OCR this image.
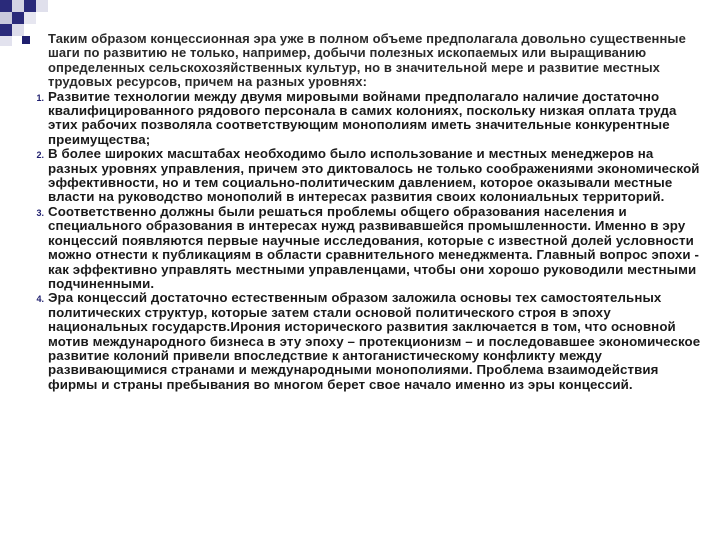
Таким образом концессионная эра уже в полном объеме предполагала довольно существенные шаги по развитию не только, например, добычи полезных ископаемых или выращиванию определенных сельскохозяйственных культур, но в значительной мере и развитие местных трудовых ресурсов, причем на разных уровнях:
1. Развитие технологии между двумя мировыми войнами предполагало наличие достаточно квалифицированного рядового персонала в самих колониях, поскольку низкая оплата труда этих рабочих позволяла соответствующим монополиям иметь значительные конкурентные преимущества;
2. В более широких масштабах необходимо было использование и местных менеджеров на разных уровнях управления, причем это диктовалось не только соображениями экономической эффективности, но и тем социально-политическим давлением, которое оказывали местные власти на руководство монополий в интересах развития своих колониальных территорий.
3. Соответственно должны были решаться проблемы общего образования населения и специального образования в интересах нужд развивавшейся промышленности. Именно в эру концессий появляются первые научные исследования, которые с известной долей условности можно отнести к публикациям в области сравнительного менеджмента. Главный вопрос эпохи - как эффективно управлять местными управленцами, чтобы они хорошо руководили местными подчиненными.
4. Эра концессий достаточно естественным образом заложила основы тех самостоятельных политических структур, которые затем стали основой политического строя в эпоху национальных государств.Ирония исторического развития заключается в том, что основной мотив международного бизнеса в эту эпоху – протекционизм – и последовавшее экономическое развитие колоний привели впоследствие к антоганистическому конфликту между развивающимися странами и международными монополиями. Проблема взаимодействия фирмы и страны пребывания во многом берет свое начало именно из эры концессий.
